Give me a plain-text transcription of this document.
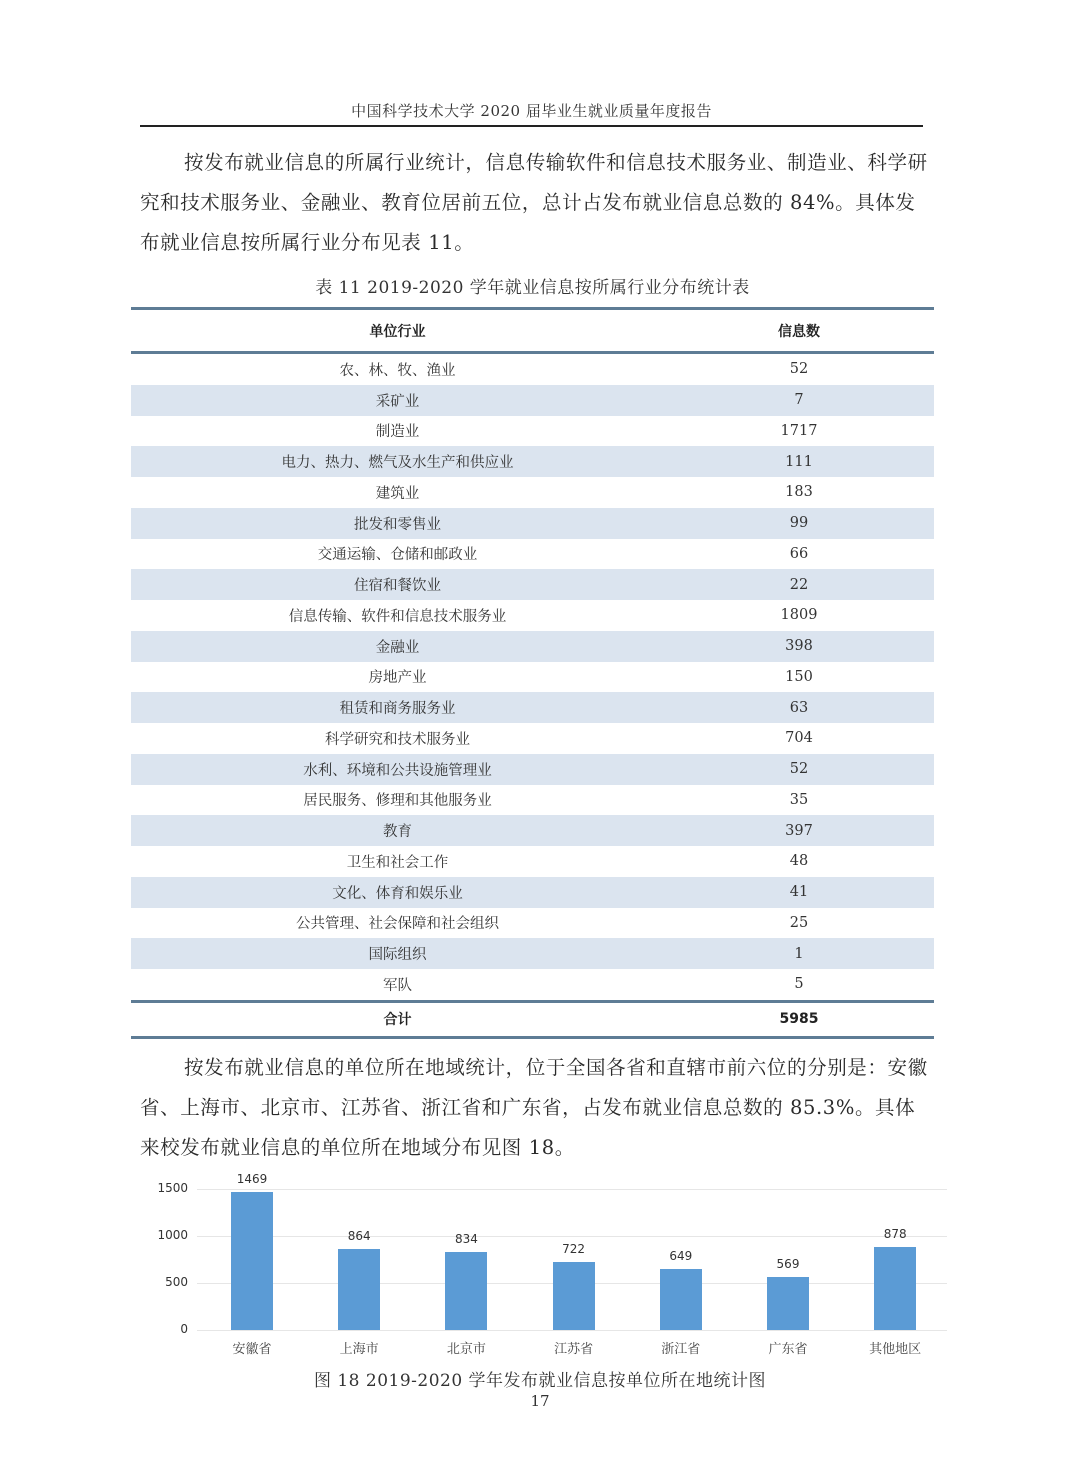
中国科学技术大学 2020 届毕业生就业质量年度报告
按发布就业信息的所属行业统计，信息传输软件和信息技术服务业、制造业、科学研究和技术服务业、金融业、教育位居前五位，总计占发布就业信息总数的 84%。具体发布就业信息按所属行业分布见表 11。
表 11 2019-2020 学年就业信息按所属行业分布统计表
单位行业	信息数
农、林、牧、渔业	52
采矿业	7
制造业	1717
电力、热力、燃气及水生产和供应业	111
建筑业	183
批发和零售业	99
交通运输、仓储和邮政业	66
住宿和餐饮业	22
信息传输、软件和信息技术服务业	1809
金融业	398
房地产业	150
租赁和商务服务业	63
科学研究和技术服务业	704
水利、环境和公共设施管理业	52
居民服务、修理和其他服务业	35
教育	397
卫生和社会工作	48
文化、体育和娱乐业	41
公共管理、社会保障和社会组织	25
国际组织	1
军队	5
合计	5985
按发布就业信息的单位所在地域统计，位于全国各省和直辖市前六位的分别是：安徽省、上海市、北京市、江苏省、浙江省和广东省，占发布就业信息总数的 85.3%。具体来校发布就业信息的单位所在地域分布见图 18。
0
500
1000
1500
1469
安徽省
864
上海市
834
北京市
722
江苏省
649
浙江省
569
广东省
878
其他地区
图 18 2019-2020 学年发布就业信息按单位所在地统计图
17
